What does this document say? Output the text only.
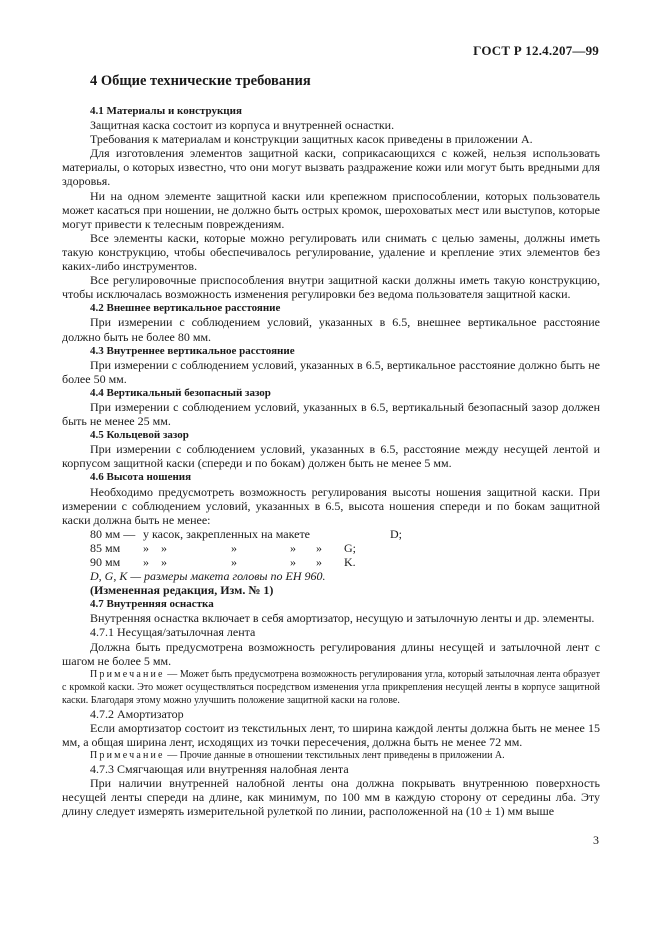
ГОСТ Р 12.4.207—99
4 Общие технические требования
4.1 Материалы и конструкция

Защитная каска состоит из корпуса и внутренней оснастки.

Требования к материалам и конструкции защитных касок приведены в приложении А.

Для изготовления элементов защитной каски, соприкасающихся с кожей, нельзя использовать материалы, о которых известно, что они могут вызвать раздражение кожи или могут быть вредными для здоровья.

Ни на одном элементе защитной каски или крепежном приспособлении, которых пользователь может касаться при ношении, не должно быть острых кромок, шероховатых мест или выступов, которые могут привести к телесным повреждениям.

Все элементы каски, которые можно регулировать или снимать с целью замены, должны иметь такую конструкцию, чтобы обеспечивалось регулирование, удаление и крепление этих элементов без каких-либо инструментов.

Все регулировочные приспособления внутри защитной каски должны иметь такую конструкцию, чтобы исключалась возможность изменения регулировки без ведома пользователя защитной каски.

4.2 Внешнее вертикальное расстояние

При измерении с соблюдением условий, указанных в 6.5, внешнее вертикальное расстояние должно быть не более 80 мм.

4.3 Внутреннее вертикальное расстояние

При измерении с соблюдением условий, указанных в 6.5, вертикальное расстояние должно быть не более 50 мм.

4.4 Вертикальный безопасный зазор

При измерении с соблюдением условий, указанных в 6.5, вертикальный безопасный зазор должен быть не менее 25 мм.

4.5 Кольцевой зазор

При измерении с соблюдением условий, указанных в 6.5, расстояние между несущей лентой и корпусом защитной каски (спереди и по бокам) должен быть не менее 5 мм.

4.6 Высота ношения

Необходимо предусмотреть возможность регулирования высоты ношения защитной каски. При измерении с соблюдением условий, указанных в 6.5, высота ношения спереди и по бокам защитной каски должна быть не менее:

80 мм — у касок, закрепленных на макете	D;
85 мм	»    »	»	»	»	G;
90 мм	»    »	»	»	»	K.
D, G, K — размеры макета головы по ЕН 960.
(Измененная редакция, Изм. № 1)
4.7 Внутренняя оснастка

Внутренняя оснастка включает в себя амортизатор, несущую и затылочную ленты и др. элементы.

4.7.1 Несущая/затылочная лента

Должна быть предусмотрена возможность регулирования длины несущей и затылочной лент с шагом не более 5 мм.

Примечание — Может быть предусмотрена возможность регулирования угла, который затылочная лента образует с кромкой каски. Это может осуществляться посредством изменения угла прикрепления несущей ленты в корпусе защитной каски. Благодаря этому можно улучшить положение защитной каски на голове.

4.7.2 Амортизатор

Если амортизатор состоит из текстильных лент, то ширина каждой ленты должна быть не менее 15 мм, а общая ширина лент, исходящих из точки пересечения, должна быть не менее 72 мм.

Примечание — Прочие данные в отношении текстильных лент приведены в приложении А.

4.7.3 Смягчающая или внутренняя налобная лента

При наличии внутренней налобной ленты она должна покрывать внутреннюю поверхность несущей ленты спереди на длине, как минимум, по 100 мм в каждую сторону от середины лба. Эту длину следует измерять измерительной рулеткой по линии, расположенной на (10 ± 1) мм выше

3
